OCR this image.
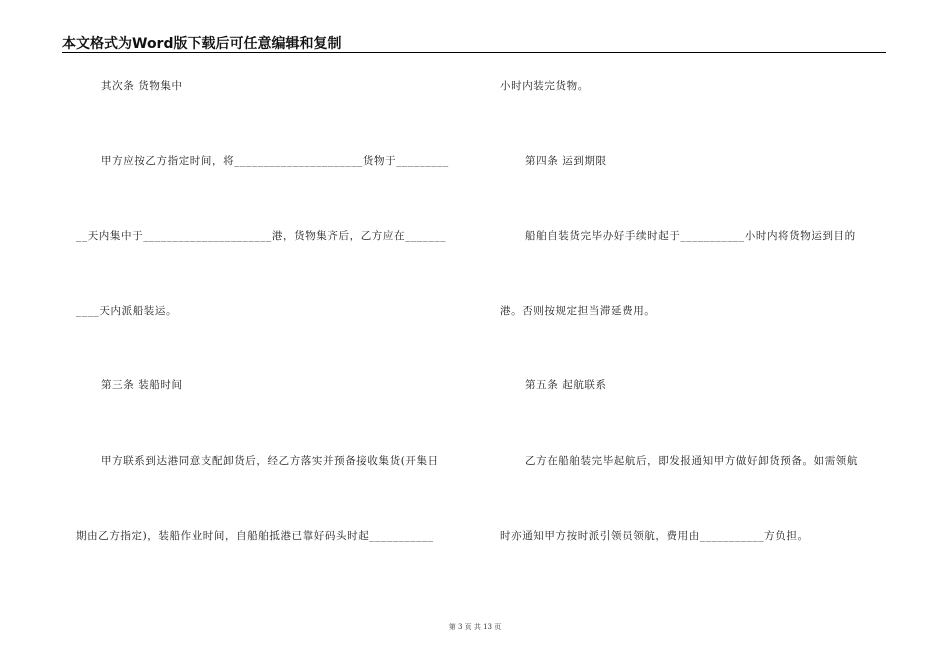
本文格式为Word版下载后可任意编辑和复制
其次条 货物集中
甲方应按乙方指定时间，将______________________货物于_________
__天内集中于______________________港，货物集齐后，乙方应在_______
____天内派船装运。
第三条 装船时间
甲方联系到达港同意支配卸货后，经乙方落实并预备接收集货(开集日
期由乙方指定)，装船作业时间，自船舶抵港已靠好码头时起___________
小时内装完货物。
第四条 运到期限
船舶自装货完毕办好手续时起于___________小时内将货物运到目的
港。否则按规定担当滞延费用。
第五条 起航联系
乙方在船舶装完毕起航后，即发报通知甲方做好卸货预备。如需领航
时亦通知甲方按时派引领员领航，费用由___________方负担。
第 3 页 共 13 页
